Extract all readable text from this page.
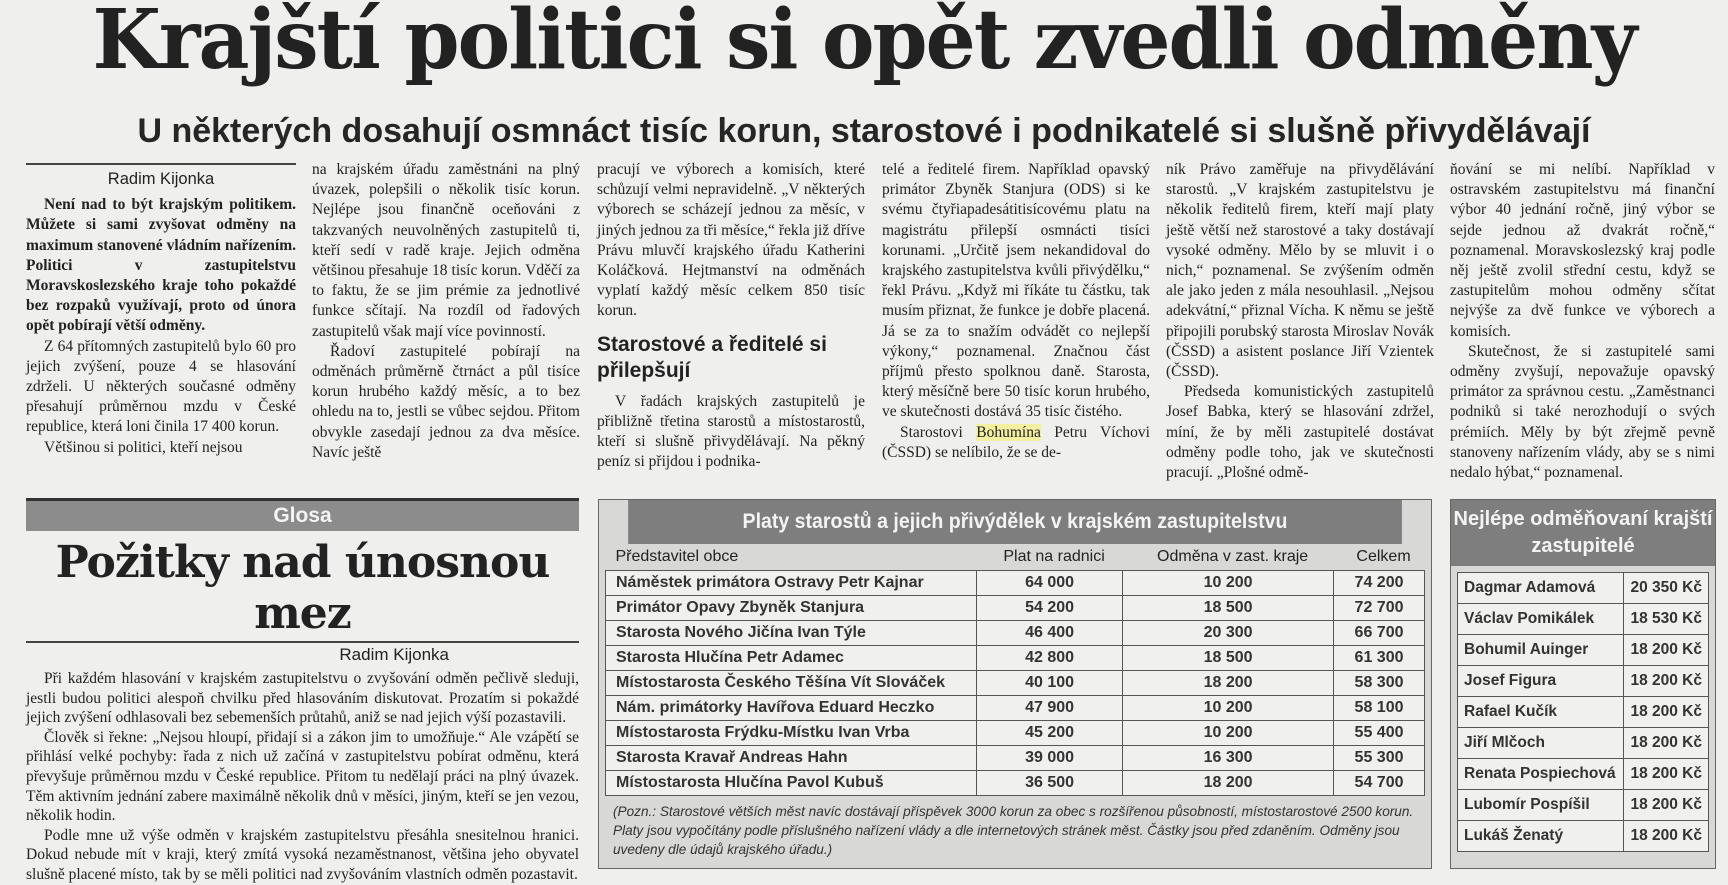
Krajští politici si opět zvedli odměny
U některých dosahují osmnáct tisíc korun, starostové i podnikatelé si slušně přivydělávají
Radim Kijonka

Není nad to být krajským politikem. Můžete si sami zvyšovat odměny na maximum stanovené vládním nařízením. Politici v zastupitelstvu Moravskoslezského kraje toho pokaždé bez rozpaků využívají, proto od února opět pobírají větší odměny.

Z 64 přítomných zastupitelů bylo 60 pro jejich zvýšení, pouze 4 se hlasování zdrželi. U některých současné odměny přesahují průměrnou mzdu v České republice, která loni činila 17 400 korun.

Většinou si politici, kteří nejsou

na krajském úřadu zaměstnáni na plný úvazek, polepšili o několik tisíc korun. Nejlépe jsou finančně oceňováni z takzvaných neuvolněných zastupitelů ti, kteří sedí v radě kraje. Jejich odměna většinou přesahuje 18 tisíc korun. Vděčí za to faktu, že se jim prémie za jednotlivé funkce sčítají. Na rozdíl od řadových zastupitelů však mají více povinností.

Řadoví zastupitelé pobírají na odměnách průměrně čtrnáct a půl tisíce korun hrubého každý měsíc, a to bez ohledu na to, jestli se vůbec sejdou. Přitom obvykle zasedají jednou za dva měsíce. Navíc ještě

pracují ve výborech a komisích, které schůzují velmi nepravidelně. „V některých výborech se scházejí jednou za měsíc, v jiných jednou za tři měsíce,“ řekla již dříve Právu mluvčí krajského úřadu Katherini Koláčková. Hejtmanství na odměnách vyplatí každý měsíc celkem 850 tisíc korun.

Starostové a ředitelé si přilepšují

V řadách krajských zastupitelů je přibližně třetina starostů a místostarostů, kteří si slušně přivydělávají. Na pěkný peníz si přijdou i podnika-

telé a ředitelé firem. Například opavský primátor Zbyněk Stanjura (ODS) si ke svému čtyřiapadesátitisícovému platu na magistrátu přilepší osmnácti tisíci korunami. „Určitě jsem nekandidoval do krajského zastupitelstva kvůli přivýdělku,“ řekl Právu. „Když mi říkáte tu částku, tak musím přiznat, že funkce je dobře placená. Já se za to snažím odvádět co nejlepší výkony,“ poznamenal. Značnou část příjmů přesto spolknou daně. Starosta, který měsíčně bere 50 tisíc korun hrubého, ve skutečnosti dostává 35 tisíc čistého.

Starostovi Bohumína Petru Víchovi (ČSSD) se nelíbilo, že se de-

ník Právo zaměřuje na přivydělávání starostů. „V krajském zastupitelstvu je několik ředitelů firem, kteří mají platy ještě větší než starostové a taky dostávají vysoké odměny. Mělo by se mluvit i o nich,“ poznamenal. Se zvýšením odměn ale jako jeden z mála nesouhlasil. „Nejsou adekvátní,“ přiznal Vícha. K němu se ještě připojili porubský starosta Miroslav Novák (ČSSD) a asistent poslance Jiří Vzientek (ČSSD).

Předseda komunistických zastupitelů Josef Babka, který se hlasování zdržel, míní, že by měli zastupitelé dostávat odměny podle toho, jak ve skutečnosti pracují. „Plošné odmě-

ňování se mi nelíbí. Například v ostravském zastupitelstvu má finanční výbor 40 jednání ročně, jiný výbor se sejde jednou až dvakrát ročně,“ poznamenal. Moravskoslezský kraj podle něj ještě zvolil střední cestu, když se zastupitelům mohou odměny sčítat nejvýše za dvě funkce ve výborech a komisích.

Skutečnost, že si zastupitelé sami odměny zvyšují, nepovažuje opavský primátor za správnou cestu. „Zaměstnanci podniků si také nerozhodují o svých prémiích. Měly by být zřejmě pevně stanoveny nařízením vlády, aby se s nimi nedalo hýbat,“ poznamenal.

Glosa
Požitky nad únosnou mez
Radim Kijonka

Při každém hlasování v krajském zastupitelstvu o zvyšování odměn pečlivě sleduji, jestli budou politici alespoň chvilku před hlasováním diskutovat. Prozatím si pokaždé jejich zvýšení odhlasovali bez sebemenších průtahů, aniž se nad jejich výší pozastavili.

Člověk si řekne: „Nejsou hloupí, přidají si a zákon jim to umožňuje.“ Ale vzápětí se přihlásí velké pochyby: řada z nich už začíná v zastupitelstvu pobírat odměnu, která převyšuje průměrnou mzdu v České republice. Přitom tu nedělají práci na plný úvazek. Těm aktivním jednání zabere maximálně několik dnů v měsíci, jiným, kteří se jen vezou, několik hodin.

Podle mne už výše odměn v krajském zastupitelstvu přesáhla snesitelnou hranici. Dokud nebude mít v kraji, který zmítá vysoká nezaměstnanost, většina jeho obyvatel slušně placené místo, tak by se měli politici nad zvyšováním vlastních odměn pozastavit.

Platy starostů a jejich přivýdělek v krajském zastupitelstvu
Představitel obce	Plat na radnici	Odměna v zast. kraje	Celkem
Náměstek primátora Ostravy Petr Kajnar	64 000	10 200	74 200
Primátor Opavy Zbyněk Stanjura	54 200	18 500	72 700
Starosta Nového Jičína Ivan Týle	46 400	20 300	66 700
Starosta Hlučína Petr Adamec	42 800	18 500	61 300
Místostarosta Českého Těšína Vít Slováček	40 100	18 200	58 300
Nám. primátorky Havířova Eduard Heczko	47 900	10 200	58 100
Místostarosta Frýdku-Místku Ivan Vrba	45 200	10 200	55 400
Starosta Kravař Andreas Hahn	39 000	16 300	55 300
Místostarosta Hlučína Pavol Kubuš	36 500	18 200	54 700
(Pozn.: Starostové větších měst navíc dostávají příspěvek 3000 korun za obec s rozšířenou působností, místostarostové 2500 korun. Platy jsou vypočítány podle příslušného nařízení vlády a dle internetových stránek měst. Částky jsou před zdaněním. Odměny jsou uvedeny dle údajů krajského úřadu.)
Nejlépe odměňovaní krajští zastupitelé
Dagmar Adamová	20 350 Kč
Václav Pomikálek	18 530 Kč
Bohumil Auinger	18 200 Kč
Josef Figura	18 200 Kč
Rafael Kučík	18 200 Kč
Jiří Mlčoch	18 200 Kč
Renata Pospiechová	18 200 Kč
Lubomír Pospíšil	18 200 Kč
Lukáš Ženatý	18 200 Kč
